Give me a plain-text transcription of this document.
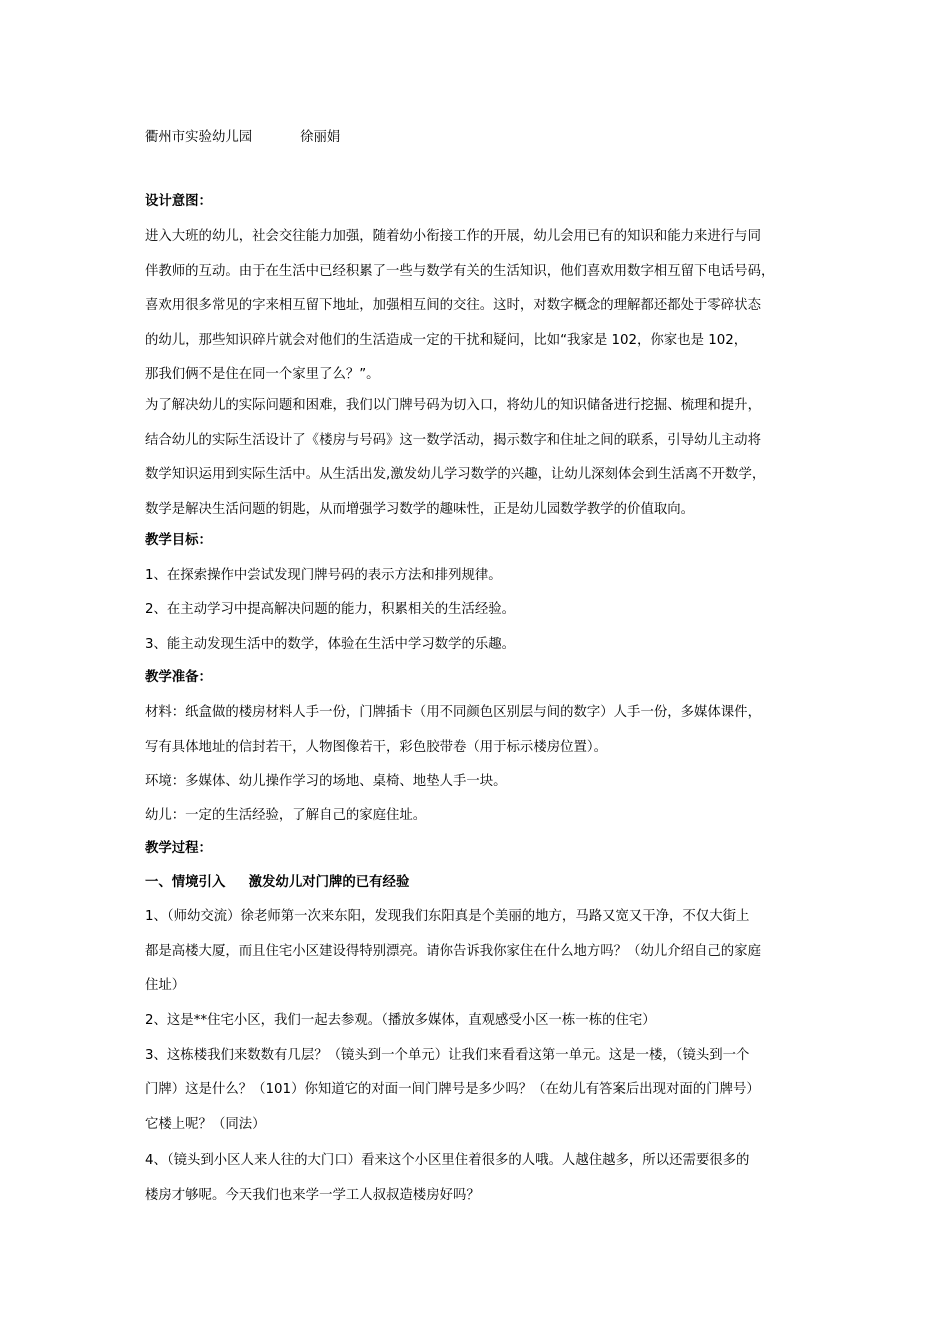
衢州市实验幼儿园	徐丽娟
设计意图：
进入大班的幼儿，社会交往能力加强，随着幼小衔接工作的开展，幼儿会用已有的知识和能力来进行与同
伴教师的互动。由于在生活中已经积累了一些与数学有关的生活知识，他们喜欢用数字相互留下电话号码，
喜欢用很多常见的字来相互留下地址，加强相互间的交往。这时，对数字概念的理解都还都处于零碎状态
的幼儿，那些知识碎片就会对他们的生活造成一定的干扰和疑问，比如“我家是 102，你家也是 102，
那我们俩不是住在同一个家里了么？”。
为了解决幼儿的实际问题和困难，我们以门牌号码为切入口，将幼儿的知识储备进行挖掘、梳理和提升，
结合幼儿的实际生活设计了《楼房与号码》这一数学活动，揭示数字和住址之间的联系，引导幼儿主动将
数学知识运用到实际生活中。从生活出发,激发幼儿学习数学的兴趣，让幼儿深刻体会到生活离不开数学，
数学是解决生活问题的钥匙，从而增强学习数学的趣味性，正是幼儿园数学教学的价值取向。
教学目标：
1、在探索操作中尝试发现门牌号码的表示方法和排列规律。
2、在主动学习中提高解决问题的能力，积累相关的生活经验。
3、能主动发现生活中的数学，体验在生活中学习数学的乐趣。
教学准备：
材料：纸盒做的楼房材料人手一份，门牌插卡（用不同颜色区别层与间的数字）人手一份，多媒体课件，
写有具体地址的信封若干，人物图像若干，彩色胶带卷（用于标示楼房位置）。
环境：多媒体、幼儿操作学习的场地、桌椅、地垫人手一块。
幼儿：一定的生活经验，了解自己的家庭住址。
教学过程：
一、情境引入     激发幼儿对门牌的已有经验
1、（师幼交流）徐老师第一次来东阳，发现我们东阳真是个美丽的地方，马路又宽又干净，不仅大街上
都是高楼大厦，而且住宅小区建设得特别漂亮。请你告诉我你家住在什么地方吗？（幼儿介绍自己的家庭
住址）
2、这是**住宅小区，我们一起去参观。（播放多媒体，直观感受小区一栋一栋的住宅）
3、这栋楼我们来数数有几层？（镜头到一个单元）让我们来看看这第一单元。这是一楼，（镜头到一个
门牌）这是什么？（101）你知道它的对面一间门牌号是多少吗？（在幼儿有答案后出现对面的门牌号）
它楼上呢？（同法）
4、（镜头到小区人来人往的大门口）看来这个小区里住着很多的人哦。人越住越多，所以还需要很多的
楼房才够呢。今天我们也来学一学工人叔叔造楼房好吗？
